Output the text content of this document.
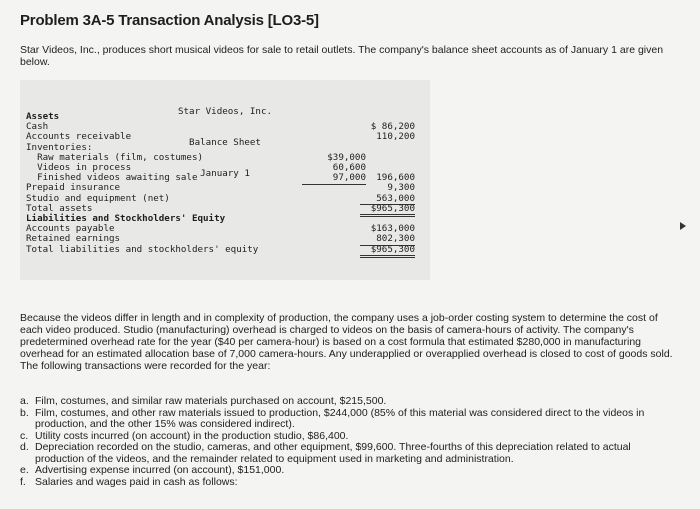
Problem 3A-5 Transaction Analysis [LO3-5]
Star Videos, Inc., produces short musical videos for sale to retail outlets. The company's balance sheet accounts as of January 1 are given below.

Star Videos, Inc.

Balance Sheet

January 1

Assets
Cash	$ 86,200
Accounts receivable	110,200
Inventories:
Raw materials (film, costumes)	$39,000
Videos in process	60,600
Finished videos awaiting sale	97,000	196,600
Prepaid insurance	9,300
Studio and equipment (net)	563,000
Total assets	$965,300
Liabilities and Stockholders' Equity
Accounts payable	$163,000
Retained earnings	802,300
Total liabilities and stockholders' equity	$965,300
Because the videos differ in length and in complexity of production, the company uses a job-order costing system to determine the cost of each video produced. Studio (manufacturing) overhead is charged to videos on the basis of camera-hours of activity. The company's predetermined overhead rate for the year ($40 per camera-hour) is based on a cost formula that estimated $280,000 in manufacturing overhead for an estimated allocation base of 7,000 camera-hours. Any underapplied or overapplied overhead is closed to cost of goods sold. The following transactions were recorded for the year:
a. Film, costumes, and similar raw materials purchased on account, $215,500.
b. Film, costumes, and other raw materials issued to production, $244,000 (85% of this material was considered direct to the videos in production, and the other 15% was considered indirect).
c. Utility costs incurred (on account) in the production studio, $86,400.
d. Depreciation recorded on the studio, cameras, and other equipment, $99,600. Three-fourths of this depreciation related to actual production of the videos, and the remainder related to equipment used in marketing and administration.
e. Advertising expense incurred (on account), $151,000.
f. Salaries and wages paid in cash as follows:
